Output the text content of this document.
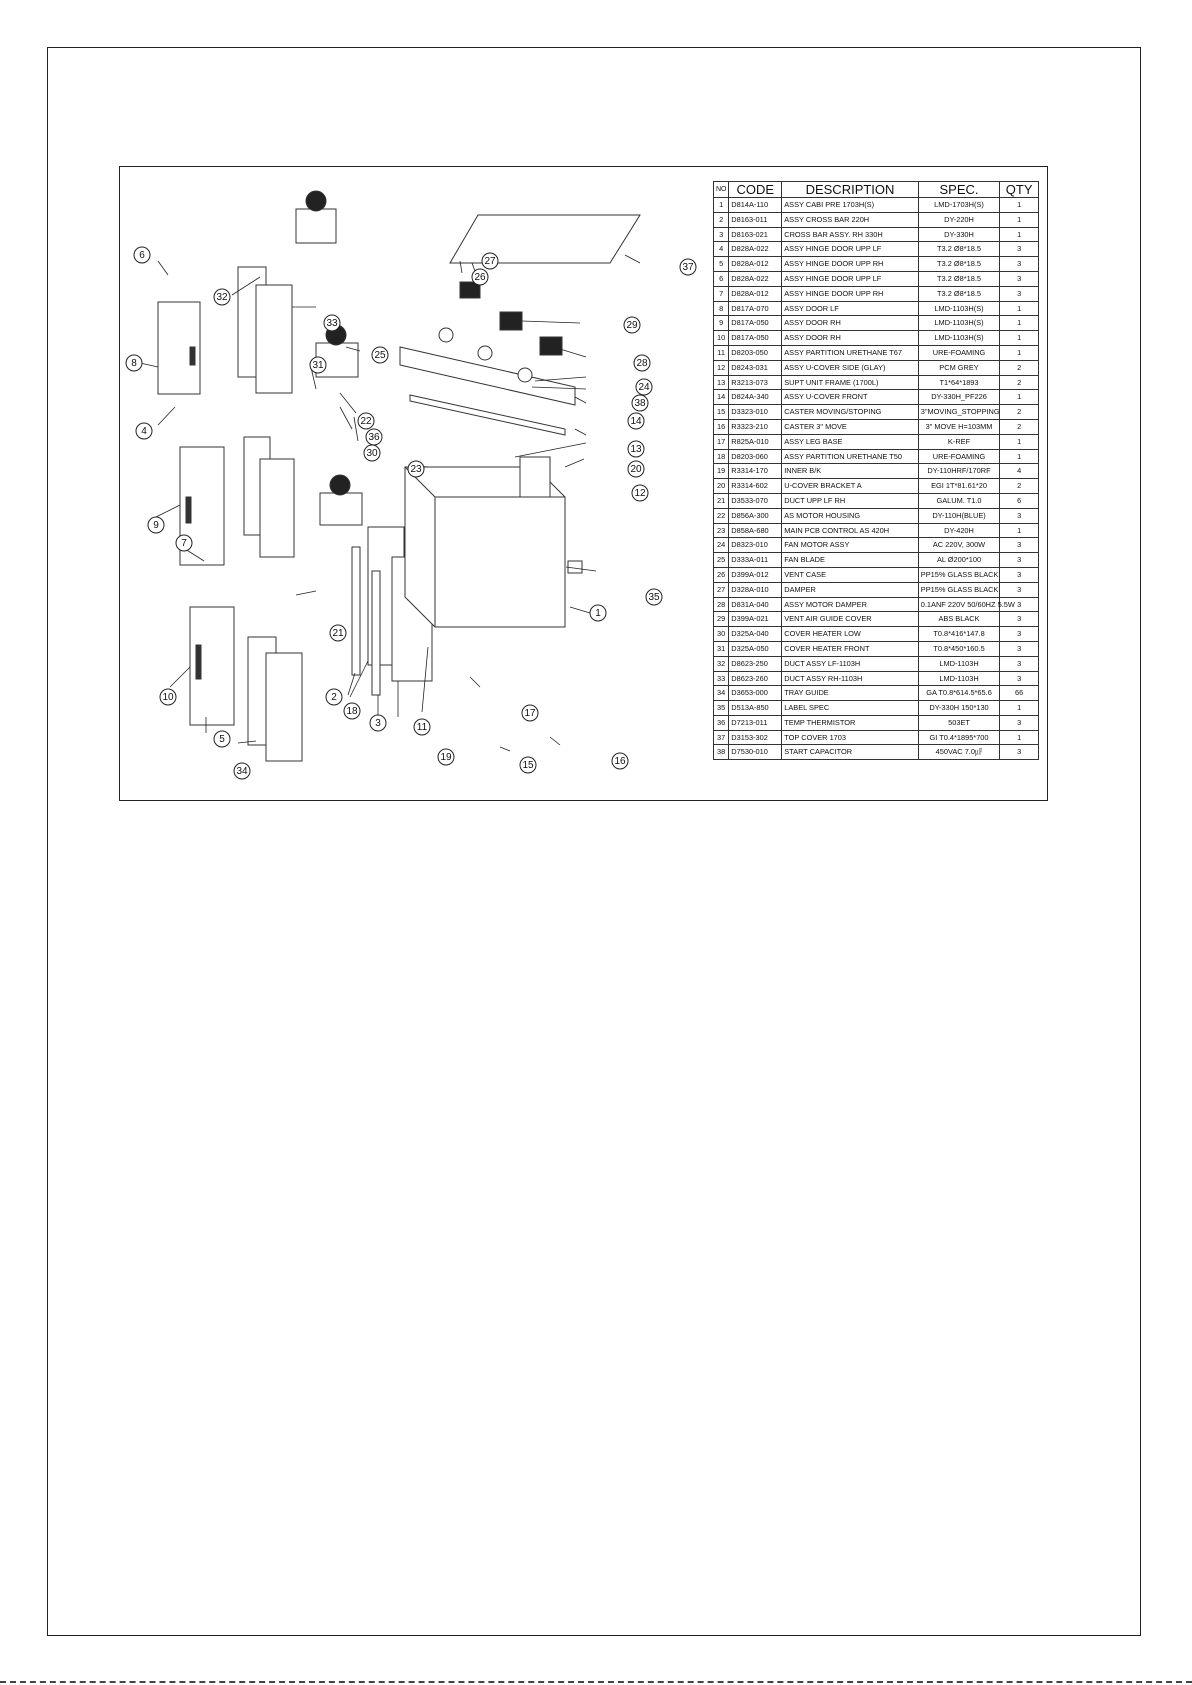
1
2
3
4
5
6
7
8
9
10
11
12
13
14
15	16
17
18
19
20
21
22
23
24
25
26
27
28
29
30
31
32
33
34
35
36
37
38
NO	CODE	DESCRIPTION	SPEC.	QTY
1	D814A-110	ASSY CABI PRE 1703H(S)	LMD-1703H(S)	1
2	D8163-011	ASSY CROSS BAR 220H	DY-220H	1
3	D8163-021	CROSS BAR ASSY. RH 330H	DY-330H	1
4	D828A-022	ASSY HINGE DOOR UPP LF	T3.2 Ø8*18.5	3
5	D828A-012	ASSY HINGE DOOR UPP RH	T3.2 Ø8*18.5	3
6	D828A-022	ASSY HINGE DOOR UPP LF	T3.2 Ø8*18.5	3
7	D828A-012	ASSY HINGE DOOR UPP RH	T3.2 Ø8*18.5	3
8	D817A-070	ASSY DOOR LF	LMD-1103H(S)	1
9	D817A-050	ASSY DOOR RH	LMD-1103H(S)	1
10	D817A-050	ASSY DOOR RH	LMD-1103H(S)	1
11	D8203-050	ASSY PARTITION URETHANE T67	URE-FOAMING	1
12	D8243-031	ASSY U-COVER SIDE (GLAY)	PCM GREY	2
13	R3213-073	SUPT UNIT FRAME (1700L)	T1*64*1893	2
14	D824A-340	ASSY U-COVER FRONT	DY-330H_PF226	1
15	D3323-010	CASTER MOVING/STOPING	3"MOVING_STOPPING	2
16	R3323-210	CASTER 3" MOVE	3" MOVE H=103MM	2
17	R825A-010	ASSY LEG BASE	K-REF	1
18	D8203-060	ASSY PARTITION URETHANE T50	URE-FOAMING	1
19	R3314-170	INNER B/K	DY-110HRF/170RF	4
20	R3314-602	U-COVER BRACKET A	EGI 1T*81.61*20	2
21	D3533-070	DUCT UPP LF RH	GALUM. T1.0	6
22	D856A-300	AS MOTOR HOUSING	DY-110H(BLUE)	3
23	D858A-680	MAIN PCB CONTROL AS 420H	DY-420H	1
24	D8323-010	FAN MOTOR ASSY	AC 220V, 300W	3
25	D333A-011	FAN BLADE	AL Ø200*100	3
26	D399A-012	VENT CASE	PP15% GLASS BLACK	3
27	D328A-010	DAMPER	PP15% GLASS BLACK	3
28	D831A-040	ASSY MOTOR DAMPER	0.1ANF 220V 50/60HZ 5.5W	3
29	D399A-021	VENT AIR GUIDE COVER	ABS BLACK	3
30	D325A-040	COVER HEATER LOW	T0.8*416*147.8	3
31	D325A-050	COVER HEATER FRONT	T0.8*450*160.5	3
32	D8623-250	DUCT ASSY LF-1103H	LMD-1103H	3
33	D8623-260	DUCT ASSY RH-1103H	LMD-1103H	3
34	D3653-000	TRAY GUIDE	GA T0.8*614.5*65.6	66
35	D513A-850	LABEL SPEC	DY-330H 150*130	1
36	D7213-011	TEMP THERMISTOR	503ET	3
37	D3153-302	TOP COVER 1703	GI T0.4*1895*700	1
38	D7530-010	START CAPACITOR	450VAC 7.0㎌	3
